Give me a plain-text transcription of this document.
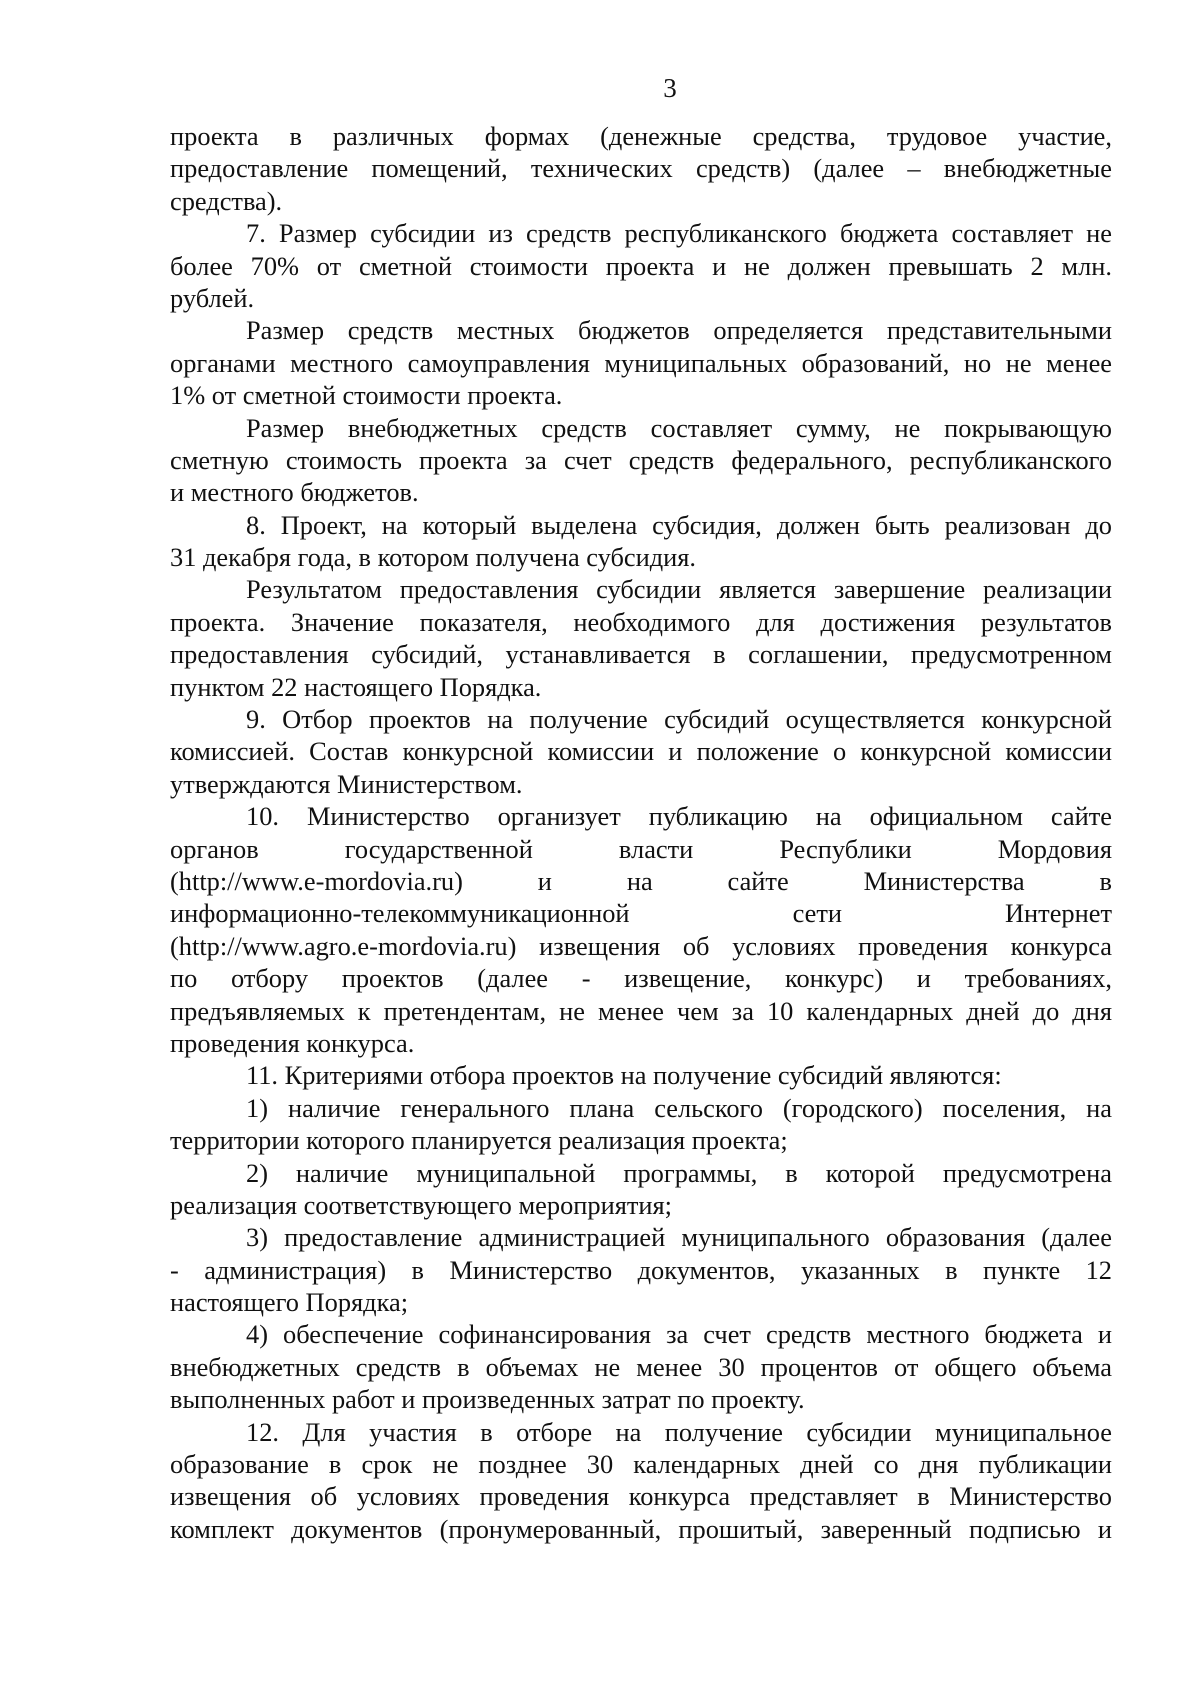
3
проекта в различных формах (денежные средства, трудовое участие,
предоставление помещений, технических средств) (далее – внебюджетные
средства).
7. Размер субсидии из средств республиканского бюджета составляет не
более 70% от сметной стоимости проекта и не должен превышать 2 млн.
рублей.
Размер средств местных бюджетов определяется представительными
органами местного самоуправления муниципальных образований, но не менее
1% от сметной стоимости проекта.
Размер внебюджетных средств составляет сумму, не покрывающую
сметную стоимость проекта за счет средств федерального, республиканского
и местного бюджетов.
8. Проект, на который выделена субсидия, должен быть реализован до
31 декабря года, в котором получена субсидия.
Результатом предоставления субсидии является завершение реализации
проекта. Значение показателя, необходимого для достижения результатов
предоставления субсидий, устанавливается в соглашении, предусмотренном
пунктом 22 настоящего Порядка.
9. Отбор проектов на получение субсидий осуществляется конкурсной
комиссией. Состав конкурсной комиссии и положение о конкурсной комиссии
утверждаются Министерством.
10. Министерство организует публикацию на официальном сайте
органов государственной власти Республики Мордовия
(http://www.e-mordovia.ru) и на сайте Министерства в
информационно-телекоммуникационной сети Интернет
(http://www.agro.e-mordovia.ru) извещения об условиях проведения конкурса
по отбору проектов (далее - извещение, конкурс) и требованиях,
предъявляемых к претендентам, не менее чем за 10 календарных дней до дня
проведения конкурса.
11. Критериями отбора проектов на получение субсидий являются:
1) наличие генерального плана сельского (городского) поселения, на
территории которого планируется реализация проекта;
2) наличие муниципальной программы, в которой предусмотрена
реализация соответствующего мероприятия;
3) предоставление администрацией муниципального образования (далее
- администрация) в Министерство документов, указанных в пункте 12
настоящего Порядка;
4) обеспечение софинансирования за счет средств местного бюджета и
внебюджетных средств в объемах не менее 30 процентов от общего объема
выполненных работ и произведенных затрат по проекту.
12. Для участия в отборе на получение субсидии муниципальное
образование в срок не позднее 30 календарных дней со дня публикации
извещения об условиях проведения конкурса представляет в Министерство
комплект документов (пронумерованный, прошитый, заверенный подписью и
